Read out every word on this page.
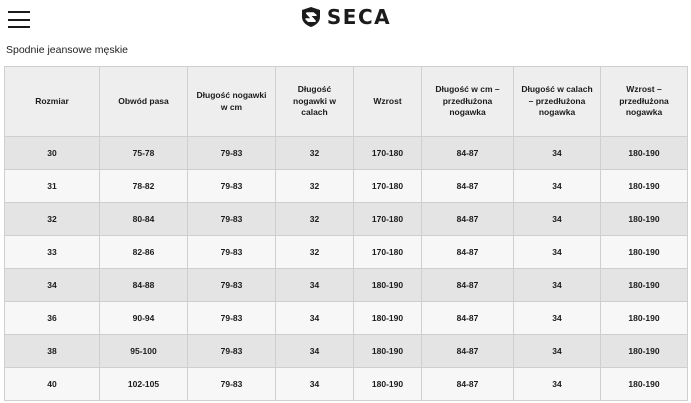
SECA
Spodnie jeansowe męskie
Rozmiar	Obwód pasa	Długość nogawki w cm	Długość nogawki w calach	Wzrost	Długość w cm – przedłużona nogawka	Długość w calach – przedłużona nogawka	Wzrost – przedłużona nogawka
30	75-78	79-83	32	170-180	84-87	34	180-190
31	78-82	79-83	32	170-180	84-87	34	180-190
32	80-84	79-83	32	170-180	84-87	34	180-190
33	82-86	79-83	32	170-180	84-87	34	180-190
34	84-88	79-83	34	180-190	84-87	34	180-190
36	90-94	79-83	34	180-190	84-87	34	180-190
38	95-100	79-83	34	180-190	84-87	34	180-190
40	102-105	79-83	34	180-190	84-87	34	180-190
